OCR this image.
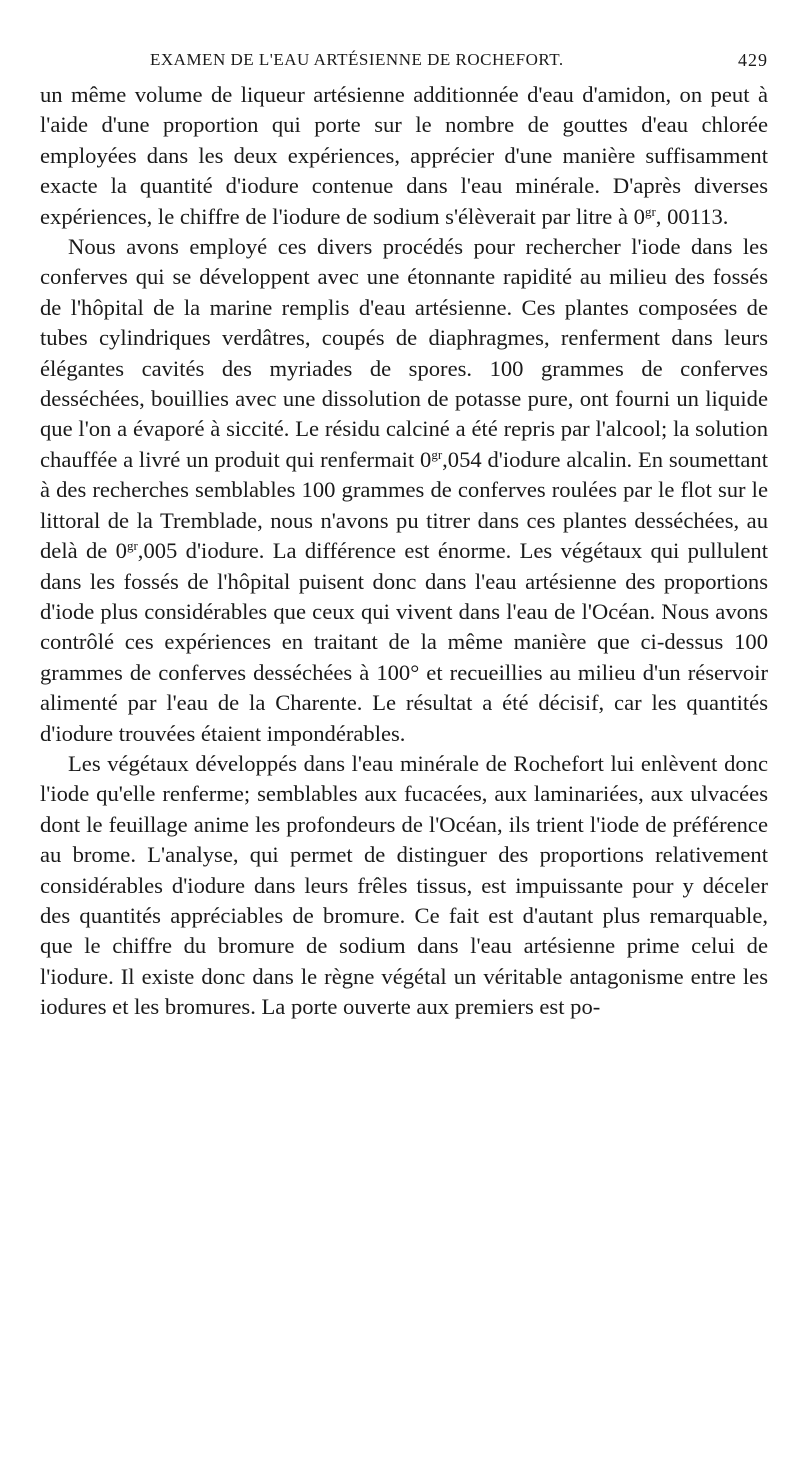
EXAMEN DE L'EAU ARTÉSIENNE DE ROCHEFORT.	429

un même volume de liqueur artésienne additionnée d'eau d'amidon, on peut à l'aide d'une proportion qui porte sur le nombre de gouttes d'eau chlorée employées dans les deux expériences, apprécier d'une manière suffisamment exacte la quantité d'iodure contenue dans l'eau minérale. D'après diverses expériences, le chiffre de l'iodure de sodium s'élèverait par litre à $0^{gr}$, 00113.

Nous avons employé ces divers procédés pour rechercher l'iode dans les conferves qui se développent avec une étonnante rapidité au milieu des fossés de l'hôpital de la marine remplis d'eau artésienne. Ces plantes composées de tubes cylindriques verdâtres, coupés de diaphragmes, renferment dans leurs élégantes cavités des myriades de spores. 100 grammes de conferves desséchées, bouillies avec une dissolution de potasse pure, ont fourni un liquide que l'on a évaporé à siccité. Le résidu calciné a été repris par l'alcool; la solution chauffée a livré un produit qui renfermait $0^{gr},054$ d'iodure alcalin. En soumettant à des recherches semblables 100 grammes de conferves roulées par le flot sur le littoral de la Tremblade, nous n'avons pu titrer dans ces plantes desséchées, au delà de $0^{gr},005$ d'iodure. La différence est énorme. Les végétaux qui pullulent dans les fossés de l'hôpital puisent donc dans l'eau artésienne des proportions d'iode plus considérables que ceux qui vivent dans l'eau de l'Océan. Nous avons contrôlé ces expériences en traitant de la même manière que ci-dessus 100 grammes de conferves desséchées à 100° et recueillies au milieu d'un réservoir alimenté par l'eau de la Charente. Le résultat a été décisif, car les quantités d'iodure trouvées étaient impondérables.

Les végétaux développés dans l'eau minérale de Rochefort lui enlèvent donc l'iode qu'elle renferme; semblables aux fucacées, aux laminariées, aux ulvacées dont le feuillage anime les profondeurs de l'Océan, ils trient l'iode de préférence au brome. L'analyse, qui permet de distinguer des proportions relativement considérables d'iodure dans leurs frêles tissus, est impuissante pour y déceler des quantités appréciables de bromure. Ce fait est d'autant plus remarquable, que le chiffre du bromure de sodium dans l'eau artésienne prime celui de l'iodure. Il existe donc dans le règne végétal un véritable antagonisme entre les iodures et les bromures. La porte ouverte aux premiers est po-
